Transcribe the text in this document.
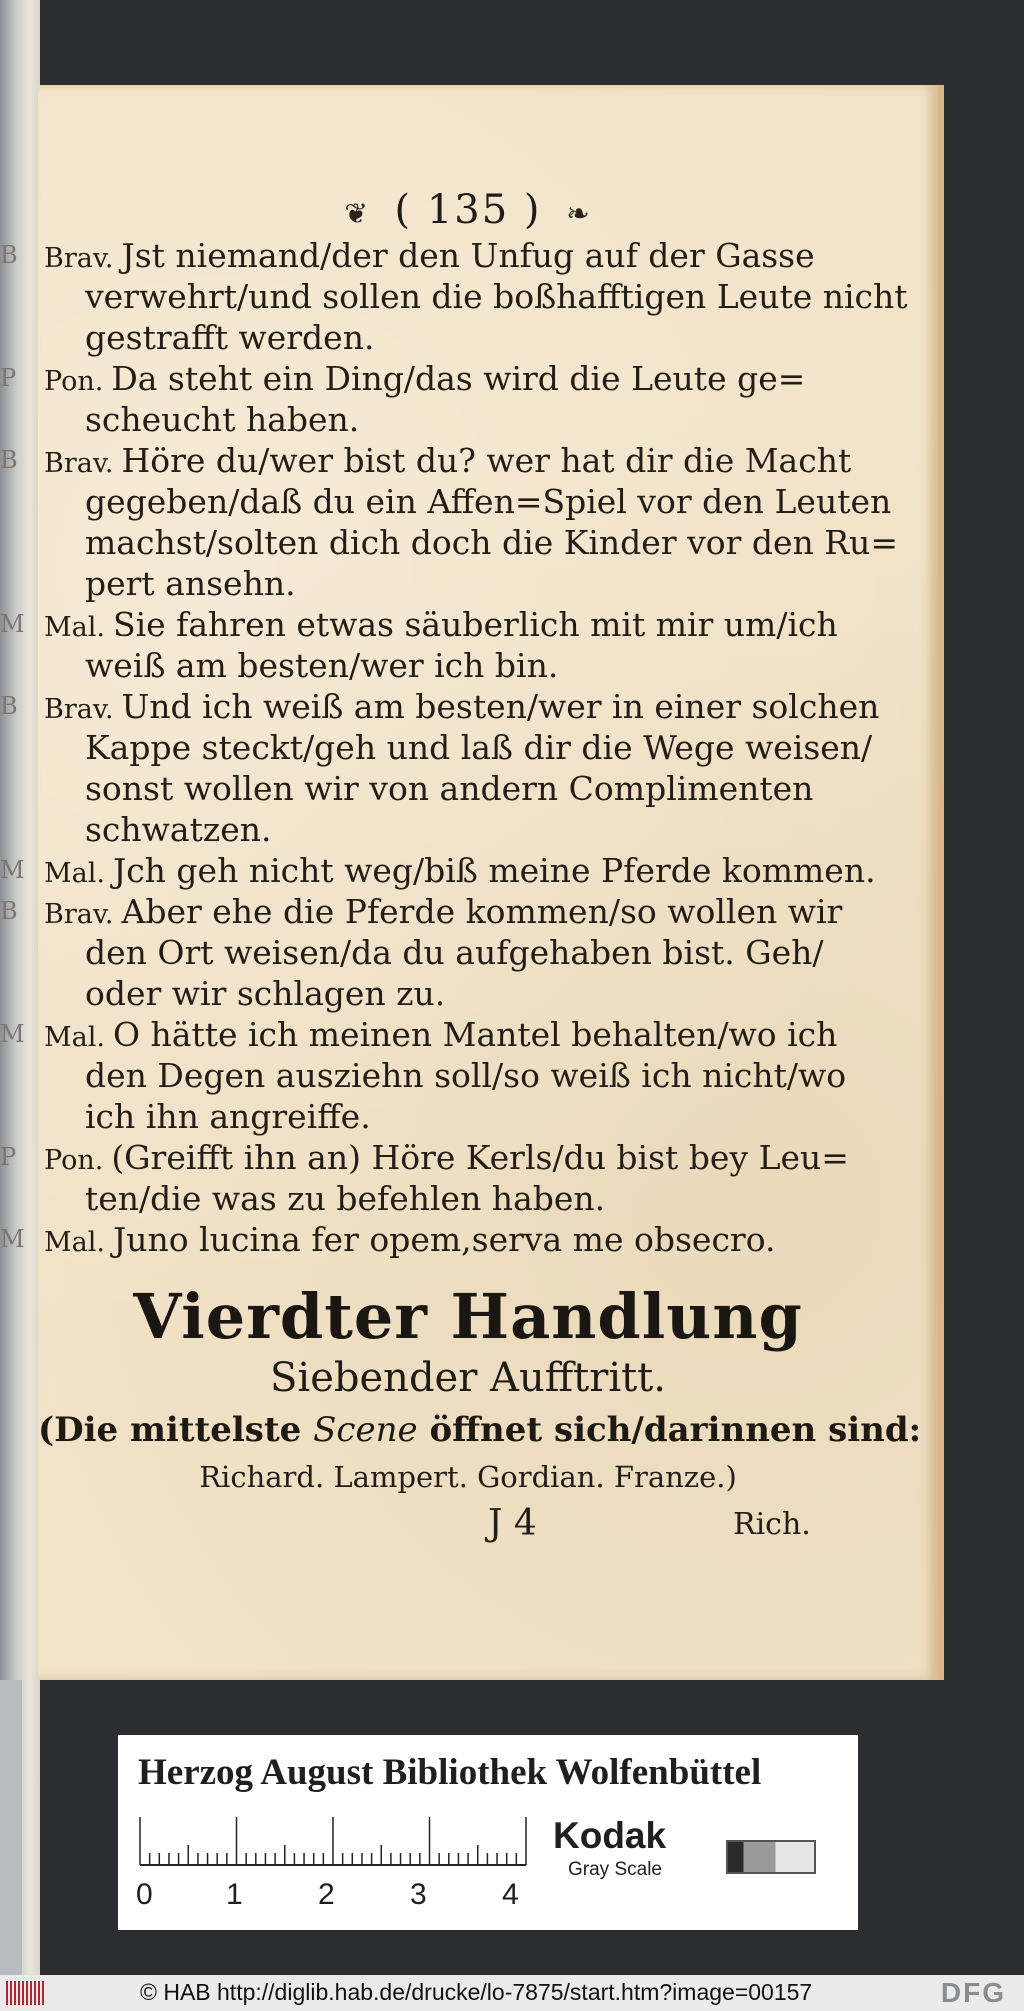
❦ ( 135 ) ❧
B Brav. Jst niemand/der den Unfug auf der Gasse
verwehrt/und sollen die boßhafftigen Leute nicht
gestrafft werden.
P Pon. Da steht ein Ding/das wird die Leute ge=
scheucht haben.
B Brav. Höre du/wer bist du? wer hat dir die Macht
gegeben/daß du ein Affen=Spiel vor den Leuten
machst/solten dich doch die Kinder vor den Ru=
pert ansehn.
M Mal. Sie fahren etwas säuberlich mit mir um/ich
weiß am besten/wer ich bin.
B Brav. Und ich weiß am besten/wer in einer solchen
Kappe steckt/geh und laß dir die Wege weisen/
sonst wollen wir von andern Complimenten
schwatzen.
M Mal. Jch geh nicht weg/biß meine Pferde kommen.
B Brav. Aber ehe die Pferde kommen/so wollen wir
den Ort weisen/da du aufgehaben bist. Geh/
oder wir schlagen zu.
M Mal. O hätte ich meinen Mantel behalten/wo ich
den Degen ausziehn soll/so weiß ich nicht/wo
ich ihn angreiffe.
P Pon. (Greifft ihn an) Höre Kerls/du bist bey Leu=
ten/die was zu befehlen haben.
M Mal. Juno lucina fer opem,serva me obsecro.
Vierdter Handlung
Siebender Aufftritt.
(Die mittelste Scene öffnet sich/darinnen sind:
Richard. Lampert. Gordian. Franze.)
J 4	Rich.
Herzog August Bibliothek Wolfenbüttel
0 1	2	3	4
Kodak
Gray Scale
© HAB http://diglib.hab.de/drucke/lo-7875/start.htm?image=00157	DFG
